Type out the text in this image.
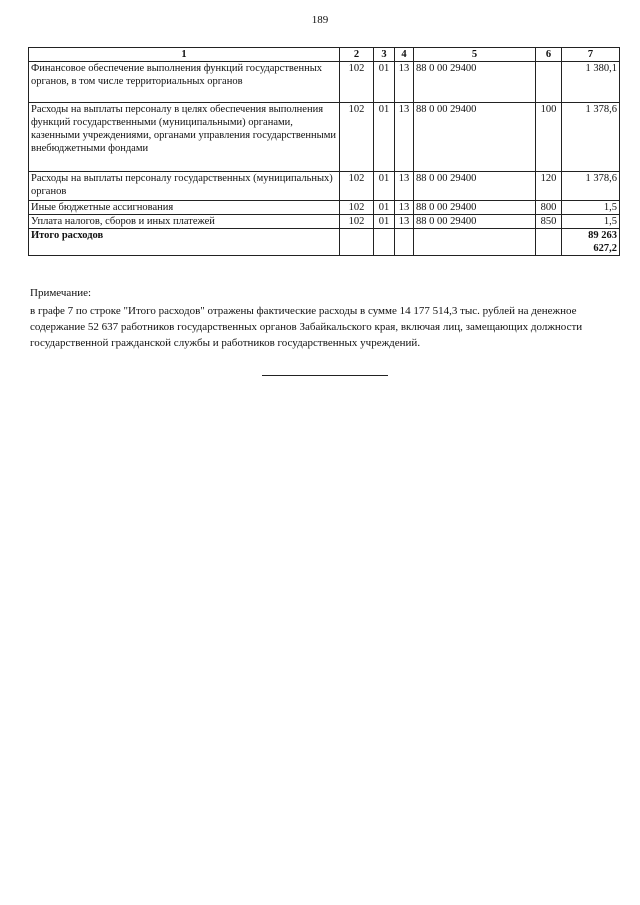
189
1	2	3	4	5	6	7
Финансовое обеспечение выполнения функций государственных органов, в том числе территориальных органов	102	01	13	88 0 00 29400		1 380,1
Расходы на выплаты персоналу в целях обеспечения выполнения функций государственными (муниципальными) органами, казенными учреждениями, органами управления государственными внебюджетными фондами	102	01	13	88 0 00 29400	100	1 378,6
Расходы на выплаты персоналу государственных (муниципальных) органов	102	01	13	88 0 00 29400	120	1 378,6
Иные бюджетные ассигнования	102	01	13	88 0 00 29400	800	1,5
Уплата налогов, сборов и иных платежей	102	01	13	88 0 00 29400	850	1,5
Итого расходов						89 263 627,2
Примечание:
в графе 7 по строке "Итого расходов" отражены фактические расходы в сумме 14 177 514,3 тыс. рублей на денежное содержание 52 637 работников государственных органов Забайкальского края, включая лиц, замещающих должности государственной гражданской службы и работников государственных учреждений.
